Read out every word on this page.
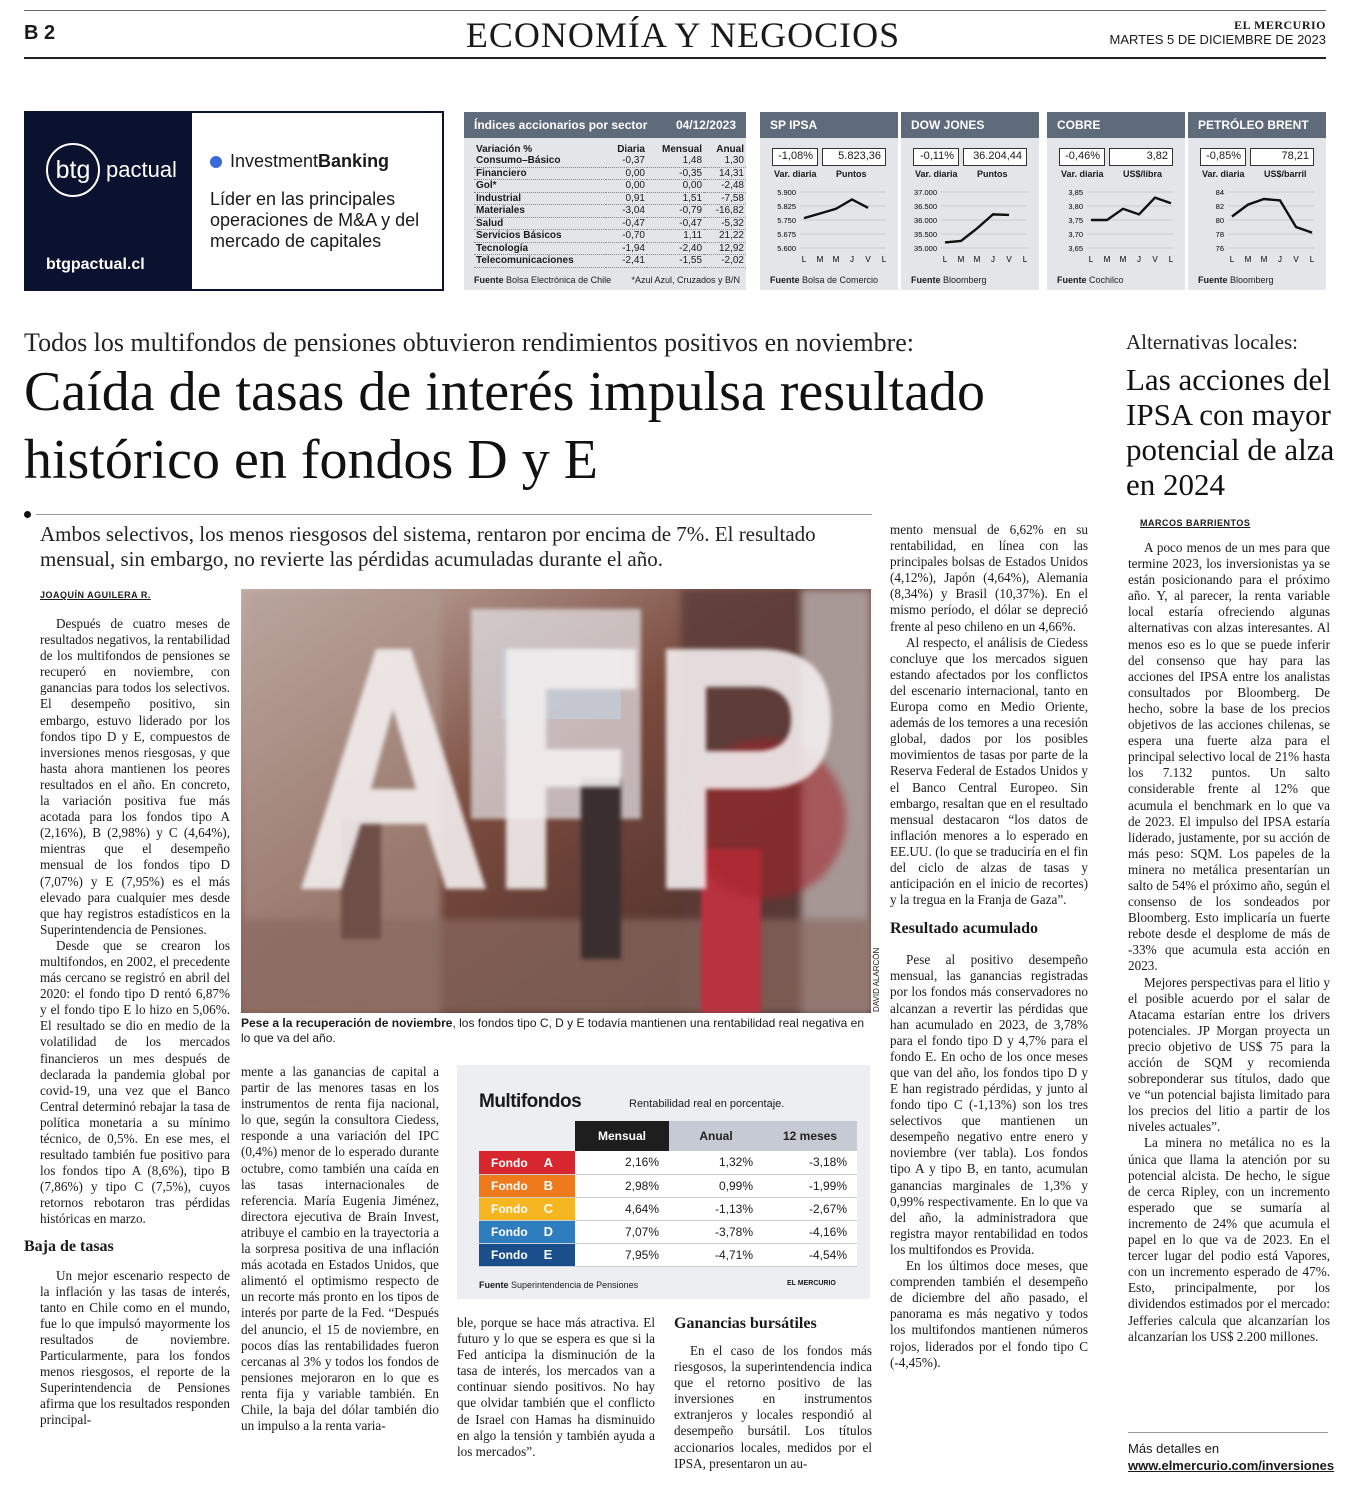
B 2	ECONOMÍA Y NEGOCIOS	EL MERCURIO
MARTES 5 DE DICIEMBRE DE 2023
btg pactual
btgpactual.cl
InvestmentBanking
Líder en las principales operaciones de M&A y del mercado de capitales
Índices accionarios por sector 04/12/2023
Variación %	Diaria	Mensual	Anual
Consumo–Básico	-0,37	1,48	1,30
Financiero	0,00	-0,35	14,31
Gol*	0,00	0,00	-2,48
Industrial	0,91	1,51	-7,58
Materiales	-3,04	-0,79	-16,82
Salud	-0,47	-0,47	-5,32
Servicios Básicos	-0,70	1,11	21,22
Tecnología	-1,94	-2,40	12,92
Telecomunicaciones	-2,41	-1,55	-2,02
Fuente Bolsa Electrónica de Chile *Azul Azul, Cruzados y B/N
SP IPSA
-1,08%	5.823,36
Var. diaria Puntos
Fuente Bolsa de Comercio
5.900
5.825
5.750
5.675
5.600
L M M J V L
DOW JONES
-0,11%	36.204,44
Var. diaria Puntos
Fuente Bloomberg
37.000
36.500
36.000
35.500
35.000
L M M J V L
COBRE
-0,46%	3,82
Var. diaria US$/libra
Fuente Cochilco
3,85
3,80
3,75
3,70
3,65
L M M J V L
PETRÓLEO BRENT
-0,85%	78,21
Var. diaria US$/barril
Fuente Bloomberg
84
82
80
78
76
L M M J V L
Todos los multifondos de pensiones obtuvieron rendimientos positivos en noviembre:
Caída de tasas de interés impulsa resultado histórico en fondos D y E
Ambos selectivos, los menos riesgosos del sistema, rentaron por encima de 7%. El resultado mensual, sin embargo, no revierte las pérdidas acumuladas durante el año.
JOAQUÍN AGUILERA R.

Después de cuatro meses de resultados negativos, la rentabilidad de los multifondos de pensiones se recuperó en noviembre, con ganancias para todos los selectivos. El desempeño positivo, sin embargo, estuvo liderado por los fondos tipo D y E, compuestos de inversiones menos riesgosas, y que hasta ahora mantienen los peores resultados en el año. En concreto, la variación positiva fue más acotada para los fondos tipo A (2,16%), B (2,98%) y C (4,64%), mientras que el desempeño mensual de los fondos tipo D (7,07%) y E (7,95%) es el más elevado para cualquier mes desde que hay registros estadísticos en la Superintendencia de Pensiones.

Desde que se crearon los multifondos, en 2002, el precedente más cercano se registró en abril del 2020: el fondo tipo D rentó 6,87% y el fondo tipo E lo hizo en 5,06%. El resultado se dio en medio de la volatilidad de los mercados financieros un mes después de declarada la pandemia global por covid-19, una vez que el Banco Central determinó rebajar la tasa de política monetaria a su mínimo técnico, de 0,5%. En ese mes, el resultado también fue positivo para los fondos tipo A (8,6%), tipo B (7,86%) y tipo C (7,5%), cuyos retornos rebotaron tras pérdidas históricas en marzo.

Baja de tasas

Un mejor escenario respecto de la inflación y las tasas de interés, tanto en Chile como en el mundo, fue lo que impulsó mayormente los resultados de noviembre. Particularmente, para los fondos menos riesgosos, el reporte de la Superintendencia de Pensiones afirma que los resultados responden principal-

DAVID ALARCÓN
Pese a la recuperación de noviembre, los fondos tipo C, D y E todavía mantienen una rentabilidad real negativa en lo que va del año.

mente a las ganancias de capital a partir de las menores tasas en los instrumentos de renta fija nacional, lo que, según la consultora Ciedess, responde a una variación del IPC (0,4%) menor de lo esperado durante octubre, como también una caída en las tasas internacionales de referencia. María Eugenia Jiménez, directora ejecutiva de Brain Invest, atribuye el cambio en la trayectoria a la sorpresa positiva de una inflación más acotada en Estados Unidos, que alimentó el optimismo respecto de un recorte más pronto en los tipos de interés por parte de la Fed. “Después del anuncio, el 15 de noviembre, en pocos días las rentabilidades fueron cercanas al 3% y todos los fondos de pensiones mejoraron en lo que es renta fija y variable también. En Chile, la baja del dólar también dio un impulso a la renta varia-

Multifondos	Rentabilidad real en porcentaje.
	Mensual	Anual	12 meses
Fondo A	2,16%	1,32%	-3,18%
Fondo B	2,98%	0,99%	-1,99%
Fondo C	4,64%	-1,13%	-2,67%
Fondo D	7,07%	-3,78%	-4,16%
Fondo E	7,95%	-4,71%	-4,54%
Fuente Superintendencia de Pensiones	EL MERCURIO

ble, porque se hace más atractiva. El futuro y lo que se espera es que si la Fed anticipa la disminución de la tasa de interés, los mercados van a continuar siendo positivos. No hay que olvidar también que el conflicto de Israel con Hamas ha disminuido en algo la tensión y también ayuda a los mercados”.

Ganancias bursátiles

En el caso de los fondos más riesgosos, la superintendencia indica que el retorno positivo de las inversiones en instrumentos extranjeros y locales respondió al desempeño bursátil. Los títulos accionarios locales, medidos por el IPSA, presentaron un au-

mento mensual de 6,62% en su rentabilidad, en línea con las principales bolsas de Estados Unidos (4,12%), Japón (4,64%), Alemania (8,34%) y Brasil (10,37%). En el mismo período, el dólar se depreció frente al peso chileno en un 4,66%.

Al respecto, el análisis de Ciedess concluye que los mercados siguen estando afectados por los conflictos del escenario internacional, tanto en Europa como en Medio Oriente, además de los temores a una recesión global, dados por los posibles movimientos de tasas por parte de la Reserva Federal de Estados Unidos y el Banco Central Europeo. Sin embargo, resaltan que en el resultado mensual destacaron “los datos de inflación menores a lo esperado en EE.UU. (lo que se traduciría en el fin del ciclo de alzas de tasas y anticipación en el inicio de recortes) y la tregua en la Franja de Gaza”.

Resultado acumulado

Pese al positivo desempeño mensual, las ganancias registradas por los fondos más conservadores no alcanzan a revertir las pérdidas que han acumulado en 2023, de 3,78% para el fondo tipo D y 4,7% para el fondo E. En ocho de los once meses que van del año, los fondos tipo D y E han registrado pérdidas, y junto al fondo tipo C (-1,13%) son los tres selectivos que mantienen un desempeño negativo entre enero y noviembre (ver tabla). Los fondos tipo A y tipo B, en tanto, acumulan ganancias marginales de 1,3% y 0,99% respectivamente. En lo que va del año, la administradora que registra mayor rentabilidad en todos los multifondos es Provida.

En los últimos doce meses, que comprenden también el desempeño de diciembre del año pasado, el panorama es más negativo y todos los multifondos mantienen números rojos, liderados por el fondo tipo C (-4,45%).

Alternativas locales:
Las acciones del IPSA con mayor potencial de alza en 2024
MARCOS BARRIENTOS

A poco menos de un mes para que termine 2023, los inversionistas ya se están posicionando para el próximo año. Y, al parecer, la renta variable local estaría ofreciendo algunas alternativas con alzas interesantes. Al menos eso es lo que se puede inferir del consenso que hay para las acciones del IPSA entre los analistas consultados por Bloomberg. De hecho, sobre la base de los precios objetivos de las acciones chilenas, se espera una fuerte alza para el principal selectivo local de 21% hasta los 7.132 puntos. Un salto considerable frente al 12% que acumula el benchmark en lo que va de 2023. El impulso del IPSA estaría liderado, justamente, por su acción de más peso: SQM. Los papeles de la minera no metálica presentarían un salto de 54% el próximo año, según el consenso de los sondeados por Bloomberg. Esto implicaría un fuerte rebote desde el desplome de más de -33% que acumula esta acción en 2023.

Mejores perspectivas para el litio y el posible acuerdo por el salar de Atacama estarían entre los drivers potenciales. JP Morgan proyecta un precio objetivo de US$ 75 para la acción de SQM y recomienda sobreponderar sus títulos, dado que ve “un potencial bajista limitado para los precios del litio a partir de los niveles actuales”.

La minera no metálica no es la única que llama la atención por su potencial alcista. De hecho, le sigue de cerca Ripley, con un incremento esperado que se sumaría al incremento de 24% que acumula el papel en lo que va de 2023. En el tercer lugar del podio está Vapores, con un incremento esperado de 47%. Esto, principalmente, por los dividendos estimados por el mercado: Jefferies calcula que alcanzarían los alcanzarían los US$ 2.200 millones.

Más detalles en
www.elmercurio.com/inversiones
